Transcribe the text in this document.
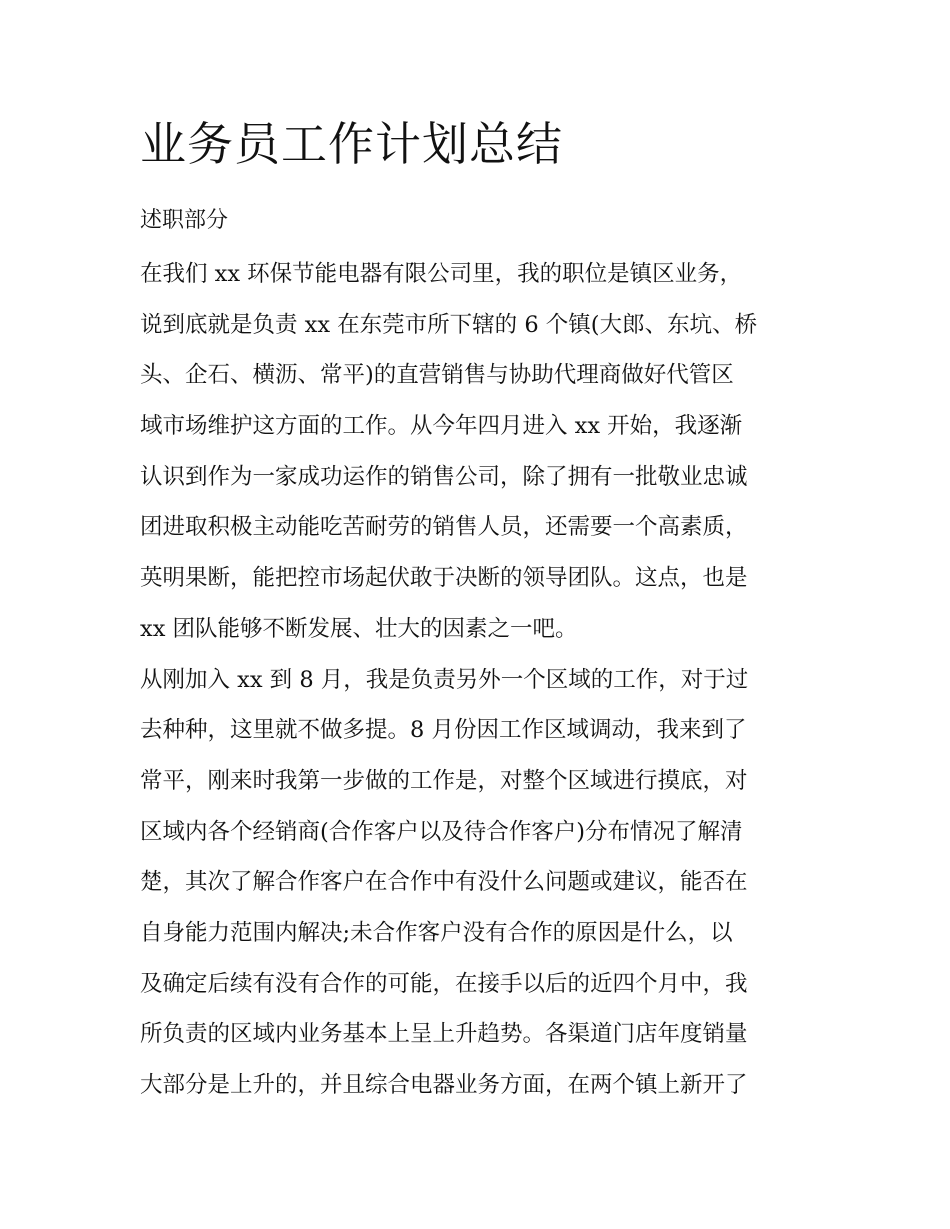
业务员工作计划总结
述职部分
在我们 xx 环保节能电器有限公司里，我的职位是镇区业务，
说到底就是负责 xx 在东莞市所下辖的 6 个镇(大郎、东坑、桥
头、企石、横沥、常平)的直营销售与协助代理商做好代管区
域市场维护这方面的工作。从今年四月进入 xx 开始，我逐渐
认识到作为一家成功运作的销售公司，除了拥有一批敬业忠诚
团进取积极主动能吃苦耐劳的销售人员，还需要一个高素质，
英明果断，能把控市场起伏敢于决断的领导团队。这点，也是
xx 团队能够不断发展、壮大的因素之一吧。
从刚加入 xx 到 8 月，我是负责另外一个区域的工作，对于过
去种种，这里就不做多提。8 月份因工作区域调动，我来到了
常平，刚来时我第一步做的工作是，对整个区域进行摸底，对
区域内各个经销商(合作客户以及待合作客户)分布情况了解清
楚，其次了解合作客户在合作中有没什么问题或建议，能否在
自身能力范围内解决;未合作客户没有合作的原因是什么，以
及确定后续有没有合作的可能，在接手以后的近四个月中，我
所负责的区域内业务基本上呈上升趋势。各渠道门店年度销量
大部分是上升的，并且综合电器业务方面，在两个镇上新开了
